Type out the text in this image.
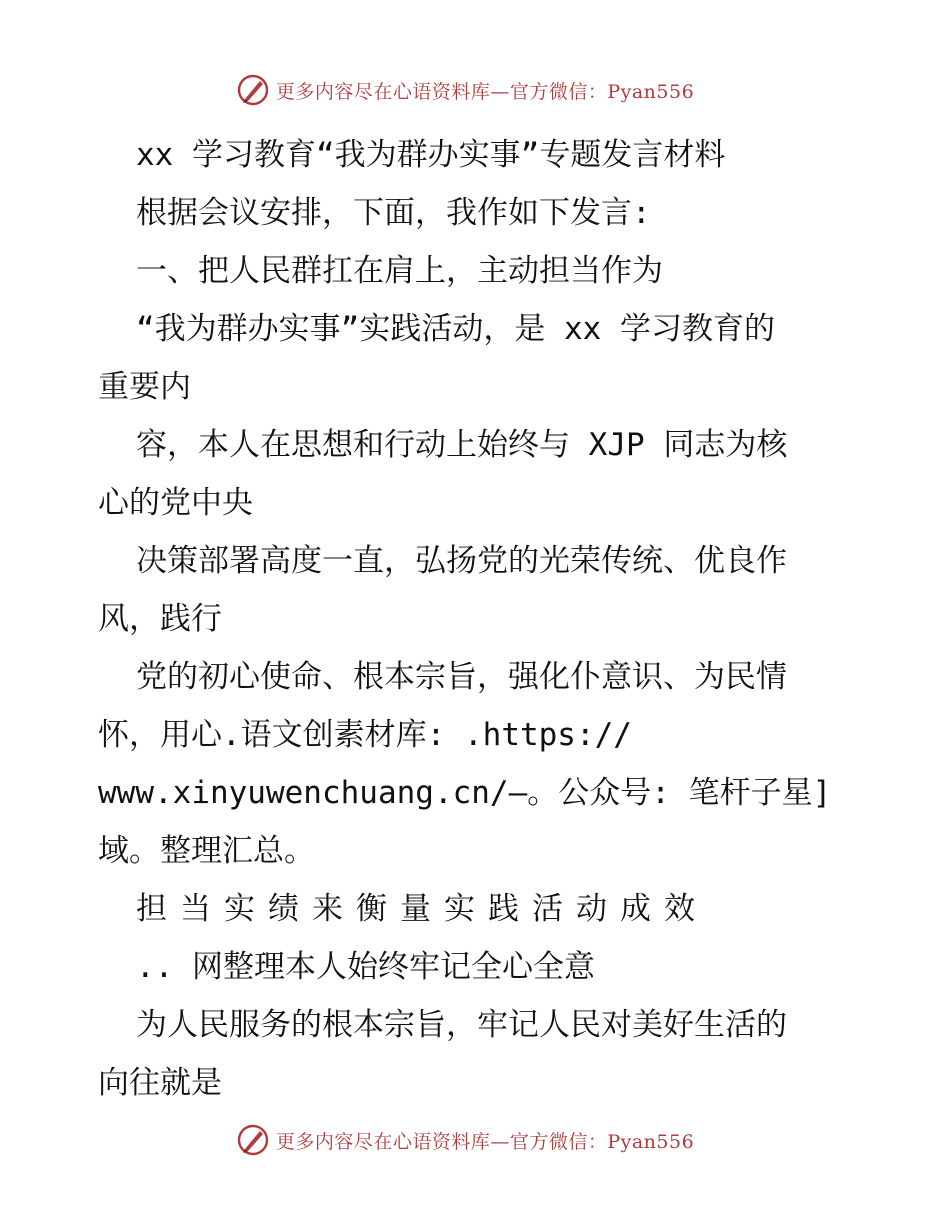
更多内容尽在心语资料库—官方微信：Pyan556
xx 学习教育“我为群办实事”专题发言材料
根据会议安排，下面，我作如下发言:
一、把人民群扛在肩上，主动担当作为
“我为群办实事”实践活动，是 xx 学习教育的
重要内
容，本人在思想和行动上始终与 XJP 同志为核
心的党中央
决策部署高度一直，弘扬党的光荣传统、优良作
风，践行
党的初心使命、根本宗旨，强化仆意识、为民情
怀，用心.语文创素材库: .https://
www.xinyuwenchuang.cn/—。公众号: 笔杆子星]
域。整理汇总。
担当实绩来衡量实践活动成效
.. 网整理本人始终牢记全心全意
为人民服务的根本宗旨，牢记人民对美好生活的
向往就是
更多内容尽在心语资料库—官方微信：Pyan556
